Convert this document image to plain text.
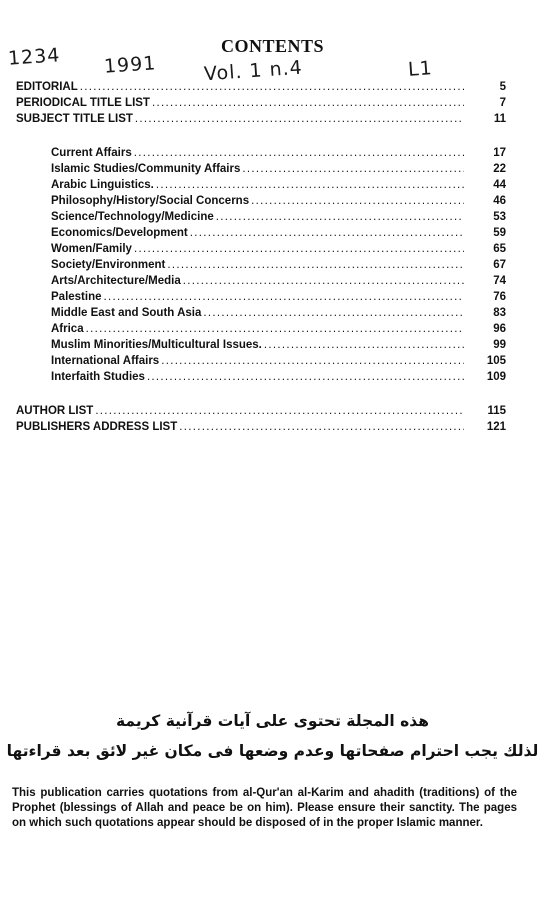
CONTENTS
1234 1991 Vol. 1 n.4	L1
EDITORIAL .....	5
PERIODICAL TITLE LIST .....	7
SUBJECT TITLE LIST .....	11
Current Affairs .....	17
Islamic Studies/Community Affairs .....	22
Arabic Linguistics. .....	44
Philosophy/History/Social Concerns .....	46
Science/Technology/Medicine .....	53
Economics/Development .....	59
Women/Family .....	65
Society/Environment .....	67
Arts/Architecture/Media .....	74
Palestine .....	76
Middle East and South Asia .....	83
Africa .....	96
Muslim Minorities/Multicultural Issues. .....	99
International Affairs .....	105
Interfaith Studies .....	109
AUTHOR LIST .....	115
PUBLISHERS ADDRESS LIST .....	121
هذه المجلة تحتوى على آيات قرآنية كريمة
لذلك يجب احترام صفحاتها وعدم وضعها فى مكان غير لائق بعد قراءتها
This publication carries quotations from al-Qur'an al-Karim and ahadith (traditions) of the Prophet (blessings of Allah and peace be on him). Please ensure their sanctity. The pages on which such quotations appear should be disposed of in the proper Islamic manner.
